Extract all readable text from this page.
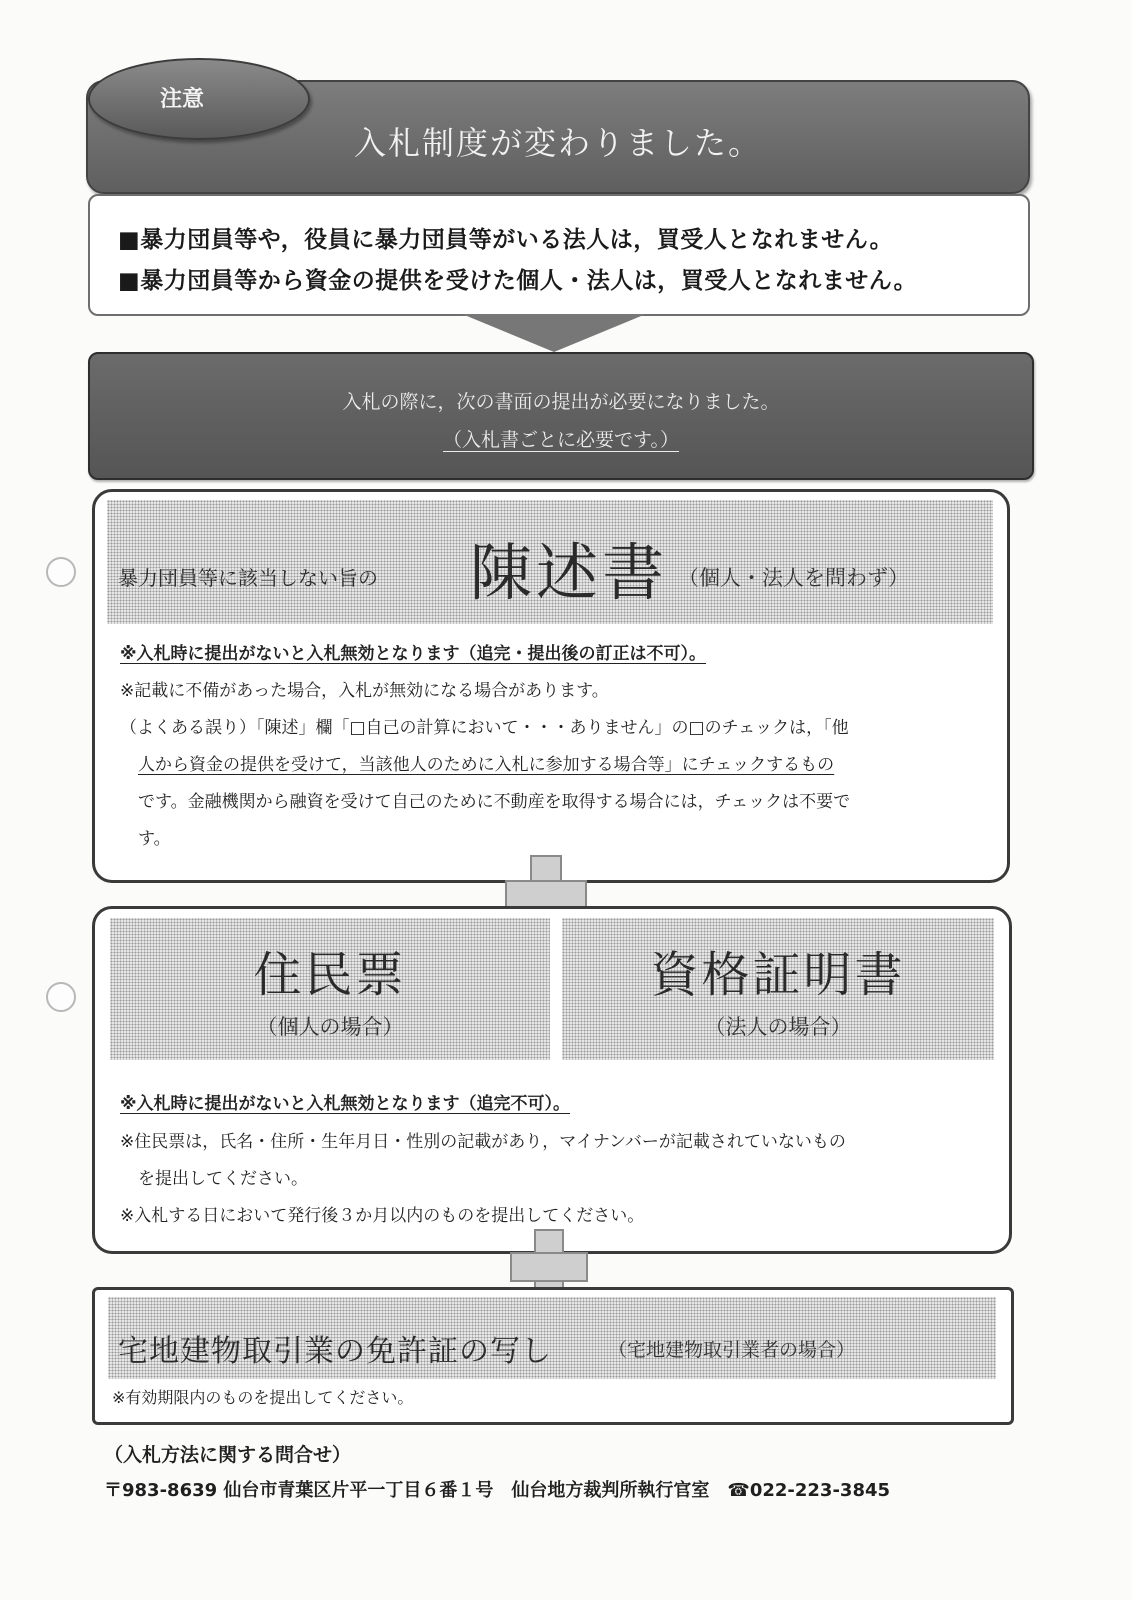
入札制度が変わりました。
注意
■暴力団員等や，役員に暴力団員等がいる法人は，買受人となれません。
■暴力団員等から資金の提供を受けた個人・法人は，買受人となれません。
入札の際に，次の書面の提出が必要になりました。
（入札書ごとに必要です。）
暴力団員等に該当しない旨の 陳述書 （個人・法人を問わず）
※入札時に提出がないと入札無効となります（追完・提出後の訂正は不可）。
※記載に不備があった場合，入札が無効になる場合があります。
（よくある誤り）「陳述」欄「□自己の計算において・・・ありません」の□のチェックは，「他
人から資金の提供を受けて，当該他人のために入札に参加する場合等」にチェックするもの
です。金融機関から融資を受けて自己のために不動産を取得する場合には，チェックは不要で
す。
住民票
（個人の場合）
資格証明書
（法人の場合）
※入札時に提出がないと入札無効となります（追完不可）。
※住民票は，氏名・住所・生年月日・性別の記載があり，マイナンバーが記載されていないもの
を提出してください。
※入札する日において発行後３か月以内のものを提出してください。
宅地建物取引業の免許証の写し	（宅地建物取引業者の場合）
※有効期限内のものを提出してください。
（入札方法に関する問合せ）
〒983-8639 仙台市青葉区片平一丁目６番１号　仙台地方裁判所執行官室　☎022-223-3845
